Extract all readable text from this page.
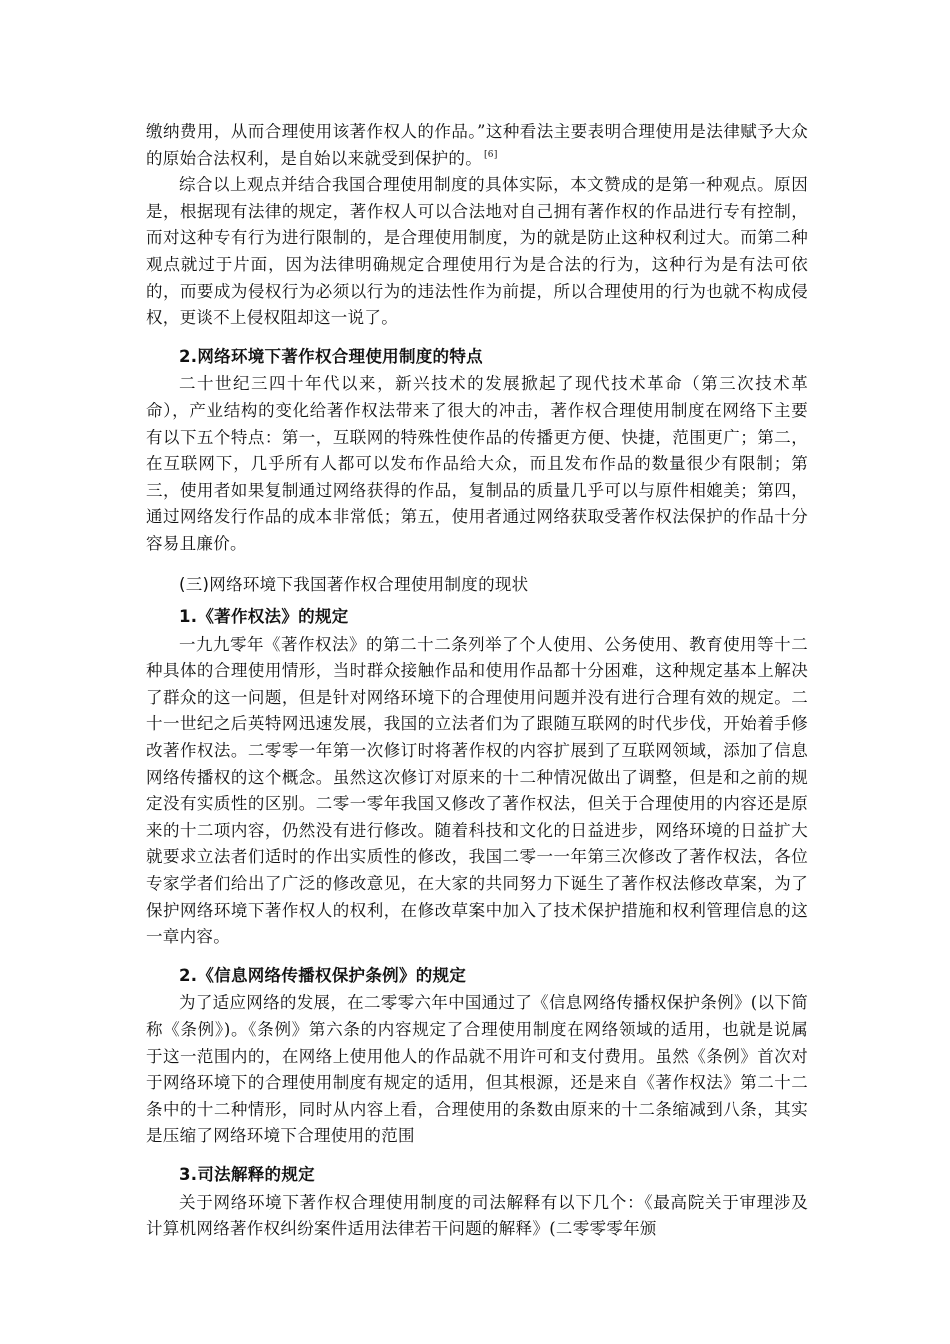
缴纳费用，从而合理使用该著作权人的作品。”这种看法主要表明合理使用是法律赋予大众的原始合法权利，是自始以来就受到保护的。 [6]

综合以上观点并结合我国合理使用制度的具体实际，本文赞成的是第一种观点。原因是，根据现有法律的规定，著作权人可以合法地对自己拥有著作权的作品进行专有控制，而对这种专有行为进行限制的，是合理使用制度，为的就是防止这种权利过大。而第二种观点就过于片面，因为法律明确规定合理使用行为是合法的行为，这种行为是有法可依的，而要成为侵权行为必须以行为的违法性作为前提，所以合理使用的行为也就不构成侵权，更谈不上侵权阻却这一说了。

2.网络环境下著作权合理使用制度的特点

二十世纪三四十年代以来，新兴技术的发展掀起了现代技术革命（第三次技术革命），产业结构的变化给著作权法带来了很大的冲击，著作权合理使用制度在网络下主要有以下五个特点：第一，互联网的特殊性使作品的传播更方便、快捷，范围更广；第二，在互联网下，几乎所有人都可以发布作品给大众，而且发布作品的数量很少有限制；第三，使用者如果复制通过网络获得的作品，复制品的质量几乎可以与原件相媲美；第四，通过网络发行作品的成本非常低；第五，使用者通过网络获取受著作权法保护的作品十分容易且廉价。

(三)网络环境下我国著作权合理使用制度的现状

1.《著作权法》的规定

一九九零年《著作权法》的第二十二条列举了个人使用、公务使用、教育使用等十二种具体的合理使用情形，当时群众接触作品和使用作品都十分困难，这种规定基本上解决了群众的这一问题，但是针对网络环境下的合理使用问题并没有进行合理有效的规定。二十一世纪之后英特网迅速发展，我国的立法者们为了跟随互联网的时代步伐，开始着手修改著作权法。二零零一年第一次修订时将著作权的内容扩展到了互联网领域，添加了信息网络传播权的这个概念。虽然这次修订对原来的十二种情况做出了调整，但是和之前的规定没有实质性的区别。二零一零年我国又修改了著作权法，但关于合理使用的内容还是原来的十二项内容，仍然没有进行修改。随着科技和文化的日益进步，网络环境的日益扩大就要求立法者们适时的作出实质性的修改，我国二零一一年第三次修改了著作权法，各位专家学者们给出了广泛的修改意见，在大家的共同努力下诞生了著作权法修改草案，为了保护网络环境下著作权人的权利，在修改草案中加入了技术保护措施和权利管理信息的这一章内容。

2.《信息网络传播权保护条例》的规定

为了适应网络的发展，在二零零六年中国通过了《信息网络传播权保护条例》(以下简称《条例》)。《条例》第六条的内容规定了合理使用制度在网络领域的适用，也就是说属于这一范围内的，在网络上使用他人的作品就不用许可和支付费用。虽然《条例》首次对于网络环境下的合理使用制度有规定的适用，但其根源，还是来自《著作权法》第二十二条中的十二种情形，同时从内容上看，合理使用的条数由原来的十二条缩减到八条，其实是压缩了网络环境下合理使用的范围

3.司法解释的规定

关于网络环境下著作权合理使用制度的司法解释有以下几个：《最高院关于审理涉及计算机网络著作权纠纷案件适用法律若干问题的解释》(二零零零年颁
